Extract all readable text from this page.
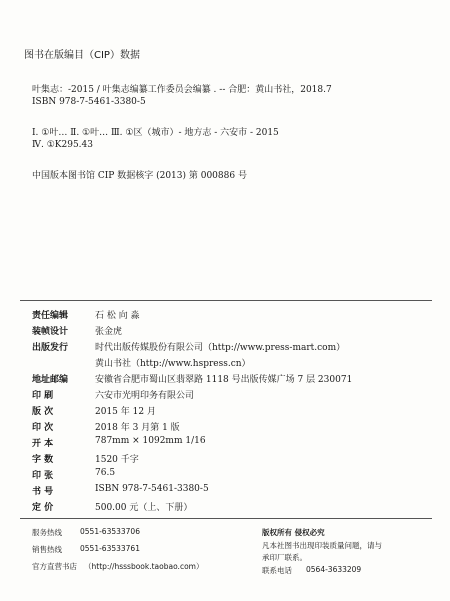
图书在版编目（CIP）数据
叶集志：-2015 / 叶集志编纂工作委员会编纂 . -- 合肥：黄山书社，2018.7
ISBN 978-7-5461-3380-5
Ⅰ. ①叶… Ⅱ. ①叶… Ⅲ. ①区（城市）- 地方志 - 六安市 - 2015
Ⅳ. ①K295.43
中国版本图书馆 CIP 数据核字 (2013) 第 000886 号
责任编辑	石 松 向 淼
装帧设计	张金虎
出版发行	时代出版传媒股份有限公司（http://www.press-mart.com）
黄山书社（http://www.hspress.cn）
地址邮编	安徽省合肥市蜀山区翡翠路 1118 号出版传媒广场 7 层 230071
印 刷	六安市光明印务有限公司
版 次	2015 年 12 月
印 次	2018 年 3 月第 1 版
开 本	787mm × 1092mm 1/16
字 数	1520 千字
印 张	76.5
书 号	ISBN 978-7-5461-3380-5
定 价	500.00 元（上、下册）
服务热线 0551-63533706
销售热线 0551-63533761
官方直营书店 （http://hsssbook.taobao.com）
版权所有 侵权必究
凡本社图书出现印装质量问题，请与
承印厂联系。
联系电话 0564-3633209
